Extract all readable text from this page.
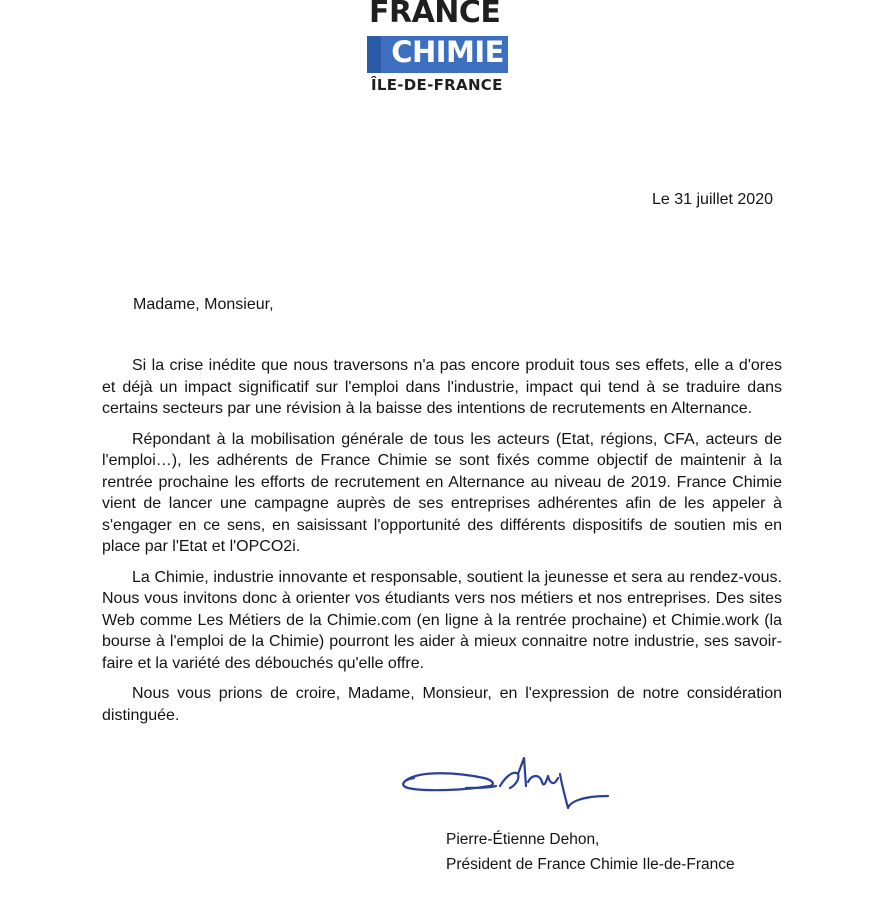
FRANCE
CHIMIE
ÎLE-DE-FRANCE
Le 31 juillet 2020
Madame, Monsieur,

Si la crise inédite que nous traversons n'a pas encore produit tous ses effets, elle a d'ores et déjà un impact significatif sur l'emploi dans l'industrie, impact qui tend à se traduire dans certains secteurs par une révision à la baisse des intentions de recrutements en Alternance.

Répondant à la mobilisation générale de tous les acteurs (Etat, régions, CFA, acteurs de l'emploi…), les adhérents de France Chimie se sont fixés comme objectif de maintenir à la rentrée prochaine les efforts de recrutement en Alternance au niveau de 2019. France Chimie vient de lancer une campagne auprès de ses entreprises adhérentes afin de les appeler à s'engager en ce sens, en saisissant l'opportunité des différents dispositifs de soutien mis en place par l'Etat et l'OPCO2i.

La Chimie, industrie innovante et responsable, soutient la jeunesse et sera au rendez-vous. Nous vous invitons donc à orienter vos étudiants vers nos métiers et nos entreprises. Des sites Web comme Les Métiers de la Chimie.com (en ligne à la rentrée prochaine) et Chimie.work (la bourse à l'emploi de la Chimie) pourront les aider à mieux connaitre notre industrie, ses savoir-faire et la variété des débouchés qu'elle offre.

Nous vous prions de croire, Madame, Monsieur, en l'expression de notre considération distinguée.

Pierre-Étienne Dehon,
Président de France Chimie Ile-de-France
